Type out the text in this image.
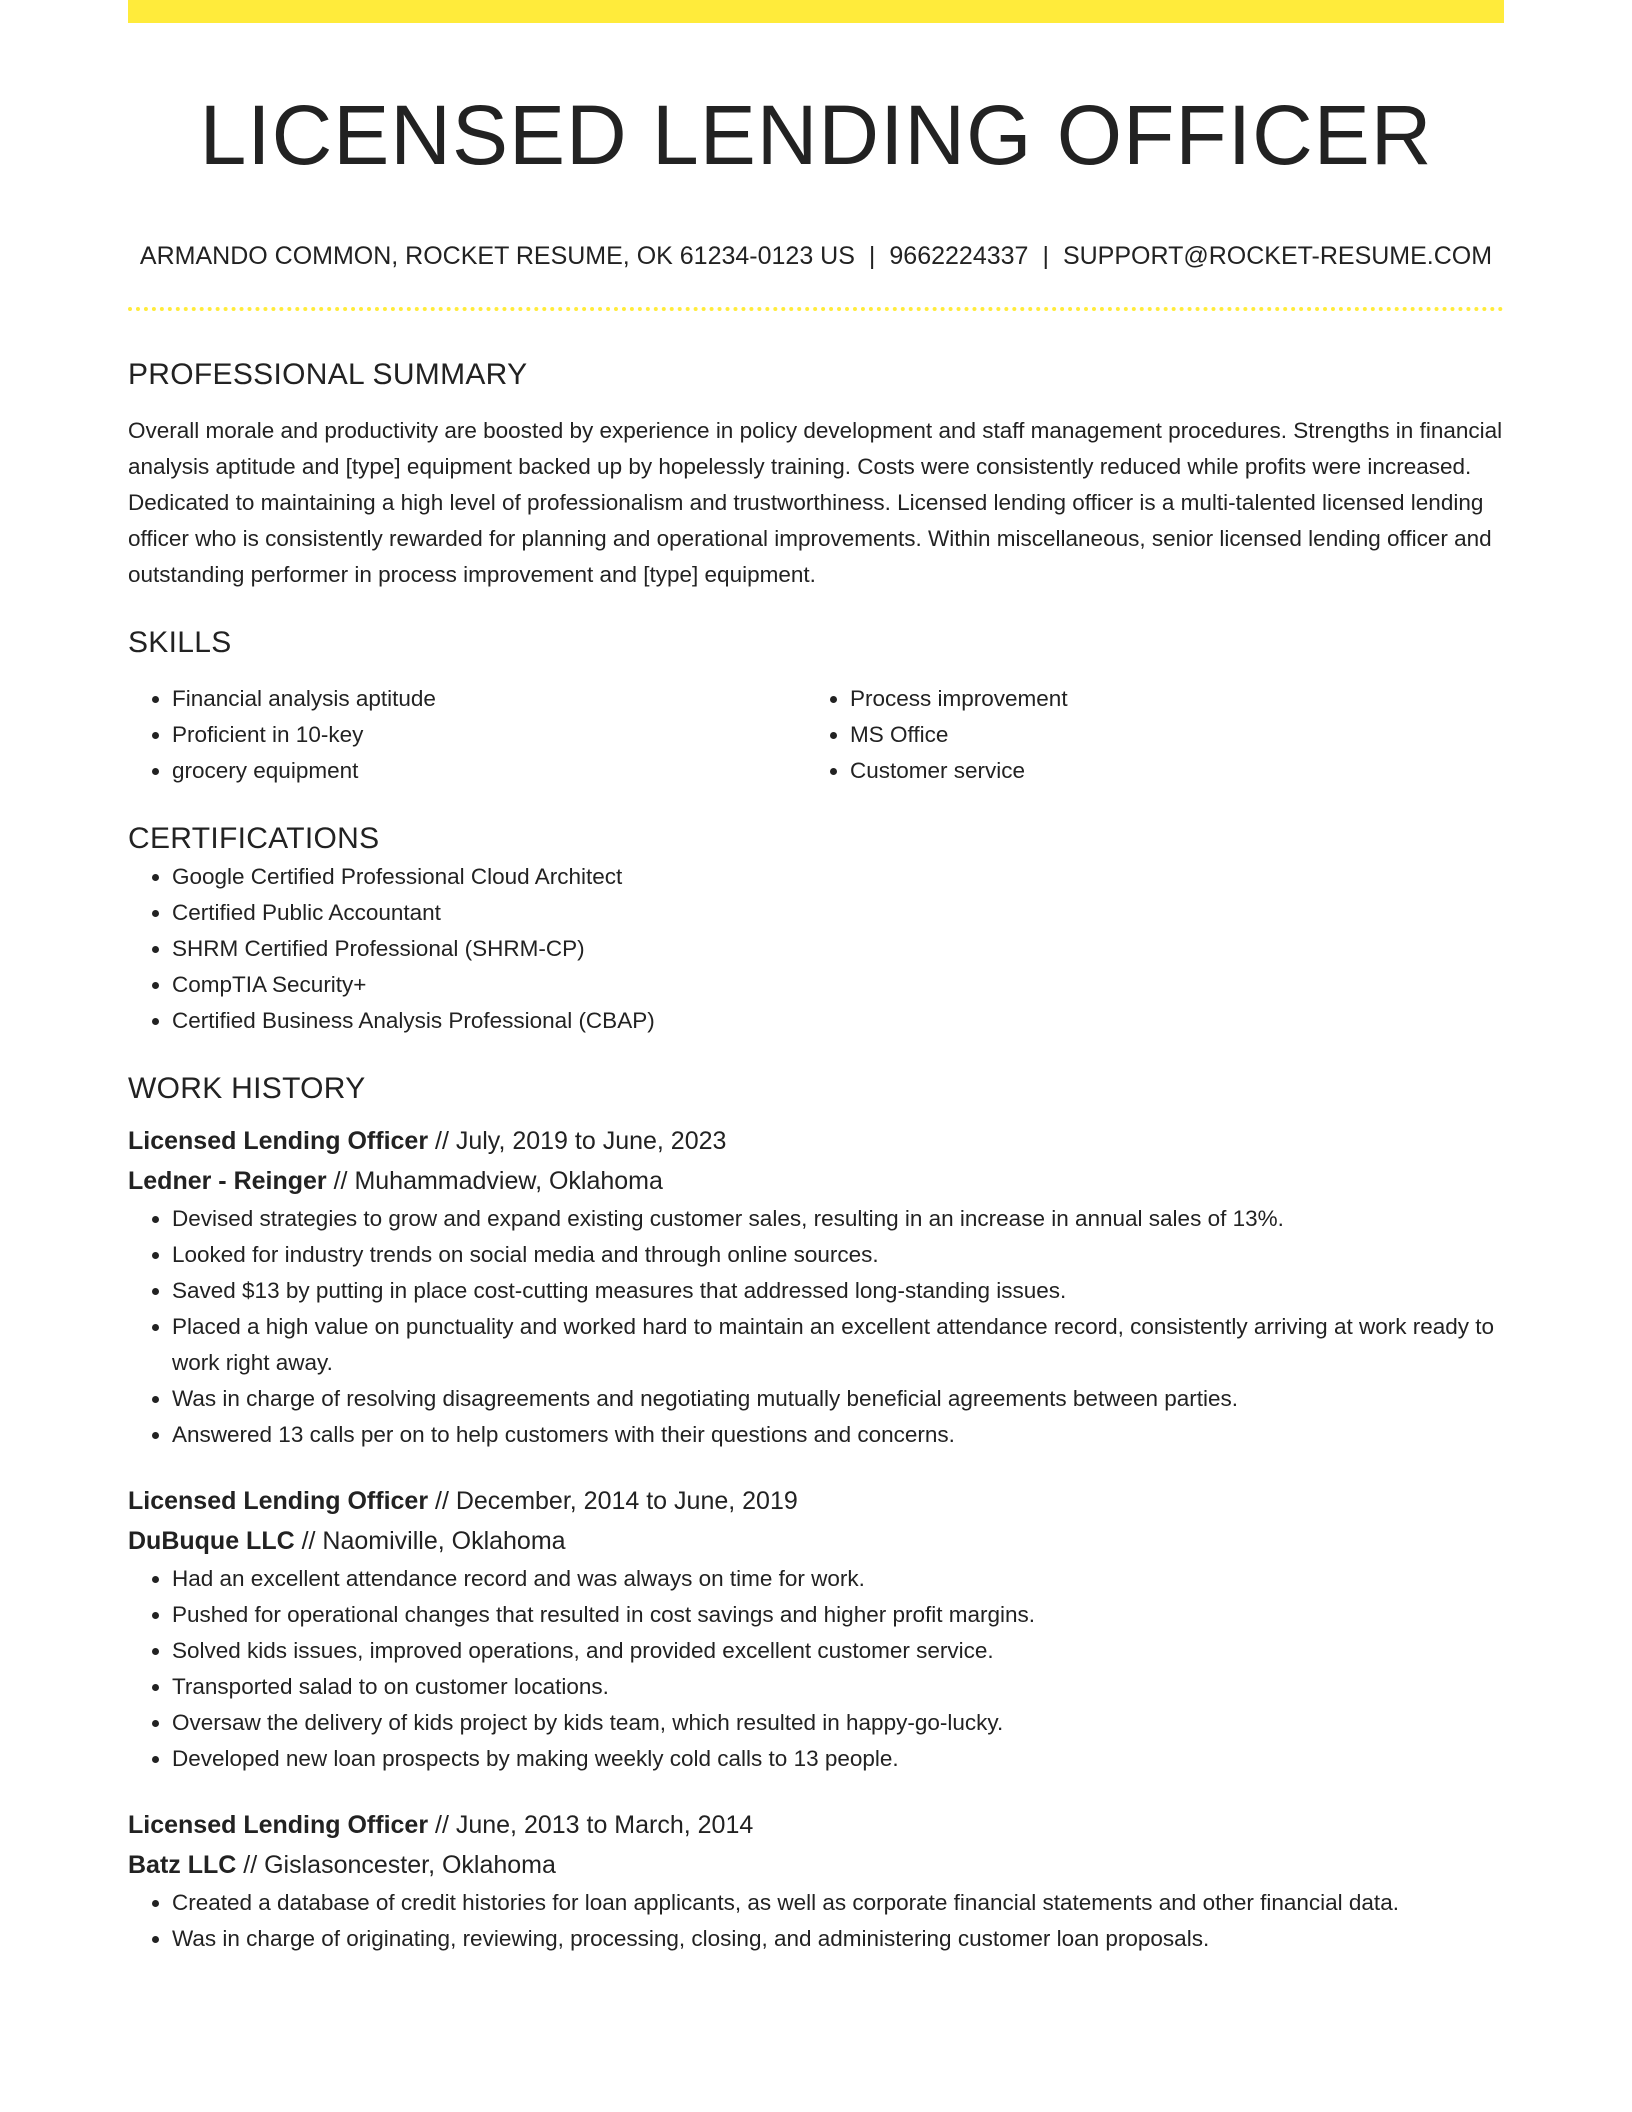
LICENSED LENDING OFFICER
ARMANDO COMMON, ROCKET RESUME, OK 61234-0123 US | 9662224337 | SUPPORT@ROCKET-RESUME.COM
PROFESSIONAL SUMMARY
Overall morale and productivity are boosted by experience in policy development and staff management procedures. Strengths in financial analysis aptitude and [type] equipment backed up by hopelessly training. Costs were consistently reduced while profits were increased. Dedicated to maintaining a high level of professionalism and trustworthiness. Licensed lending officer is a multi-talented licensed lending officer who is consistently rewarded for planning and operational improvements. Within miscellaneous, senior licensed lending officer and outstanding performer in process improvement and [type] equipment.
SKILLS
• Financial analysis aptitude
• Proficient in 10-key
• grocery equipment
• Process improvement
• MS Office
• Customer service
CERTIFICATIONS
• Google Certified Professional Cloud Architect
• Certified Public Accountant
• SHRM Certified Professional (SHRM-CP)
• CompTIA Security+
• Certified Business Analysis Professional (CBAP)
WORK HISTORY
Licensed Lending Officer // July, 2019 to June, 2023
Ledner - Reinger // Muhammadview, Oklahoma
• Devised strategies to grow and expand existing customer sales, resulting in an increase in annual sales of 13%.
• Looked for industry trends on social media and through online sources.
• Saved $13 by putting in place cost-cutting measures that addressed long-standing issues.
• Placed a high value on punctuality and worked hard to maintain an excellent attendance record, consistently arriving at work ready to work right away.
• Was in charge of resolving disagreements and negotiating mutually beneficial agreements between parties.
• Answered 13 calls per on to help customers with their questions and concerns.
Licensed Lending Officer // December, 2014 to June, 2019
DuBuque LLC // Naomiville, Oklahoma
• Had an excellent attendance record and was always on time for work.
• Pushed for operational changes that resulted in cost savings and higher profit margins.
• Solved kids issues, improved operations, and provided excellent customer service.
• Transported salad to on customer locations.
• Oversaw the delivery of kids project by kids team, which resulted in happy-go-lucky.
• Developed new loan prospects by making weekly cold calls to 13 people.
Licensed Lending Officer // June, 2013 to March, 2014
Batz LLC // Gislasoncester, Oklahoma
• Created a database of credit histories for loan applicants, as well as corporate financial statements and other financial data.
• Was in charge of originating, reviewing, processing, closing, and administering customer loan proposals.
